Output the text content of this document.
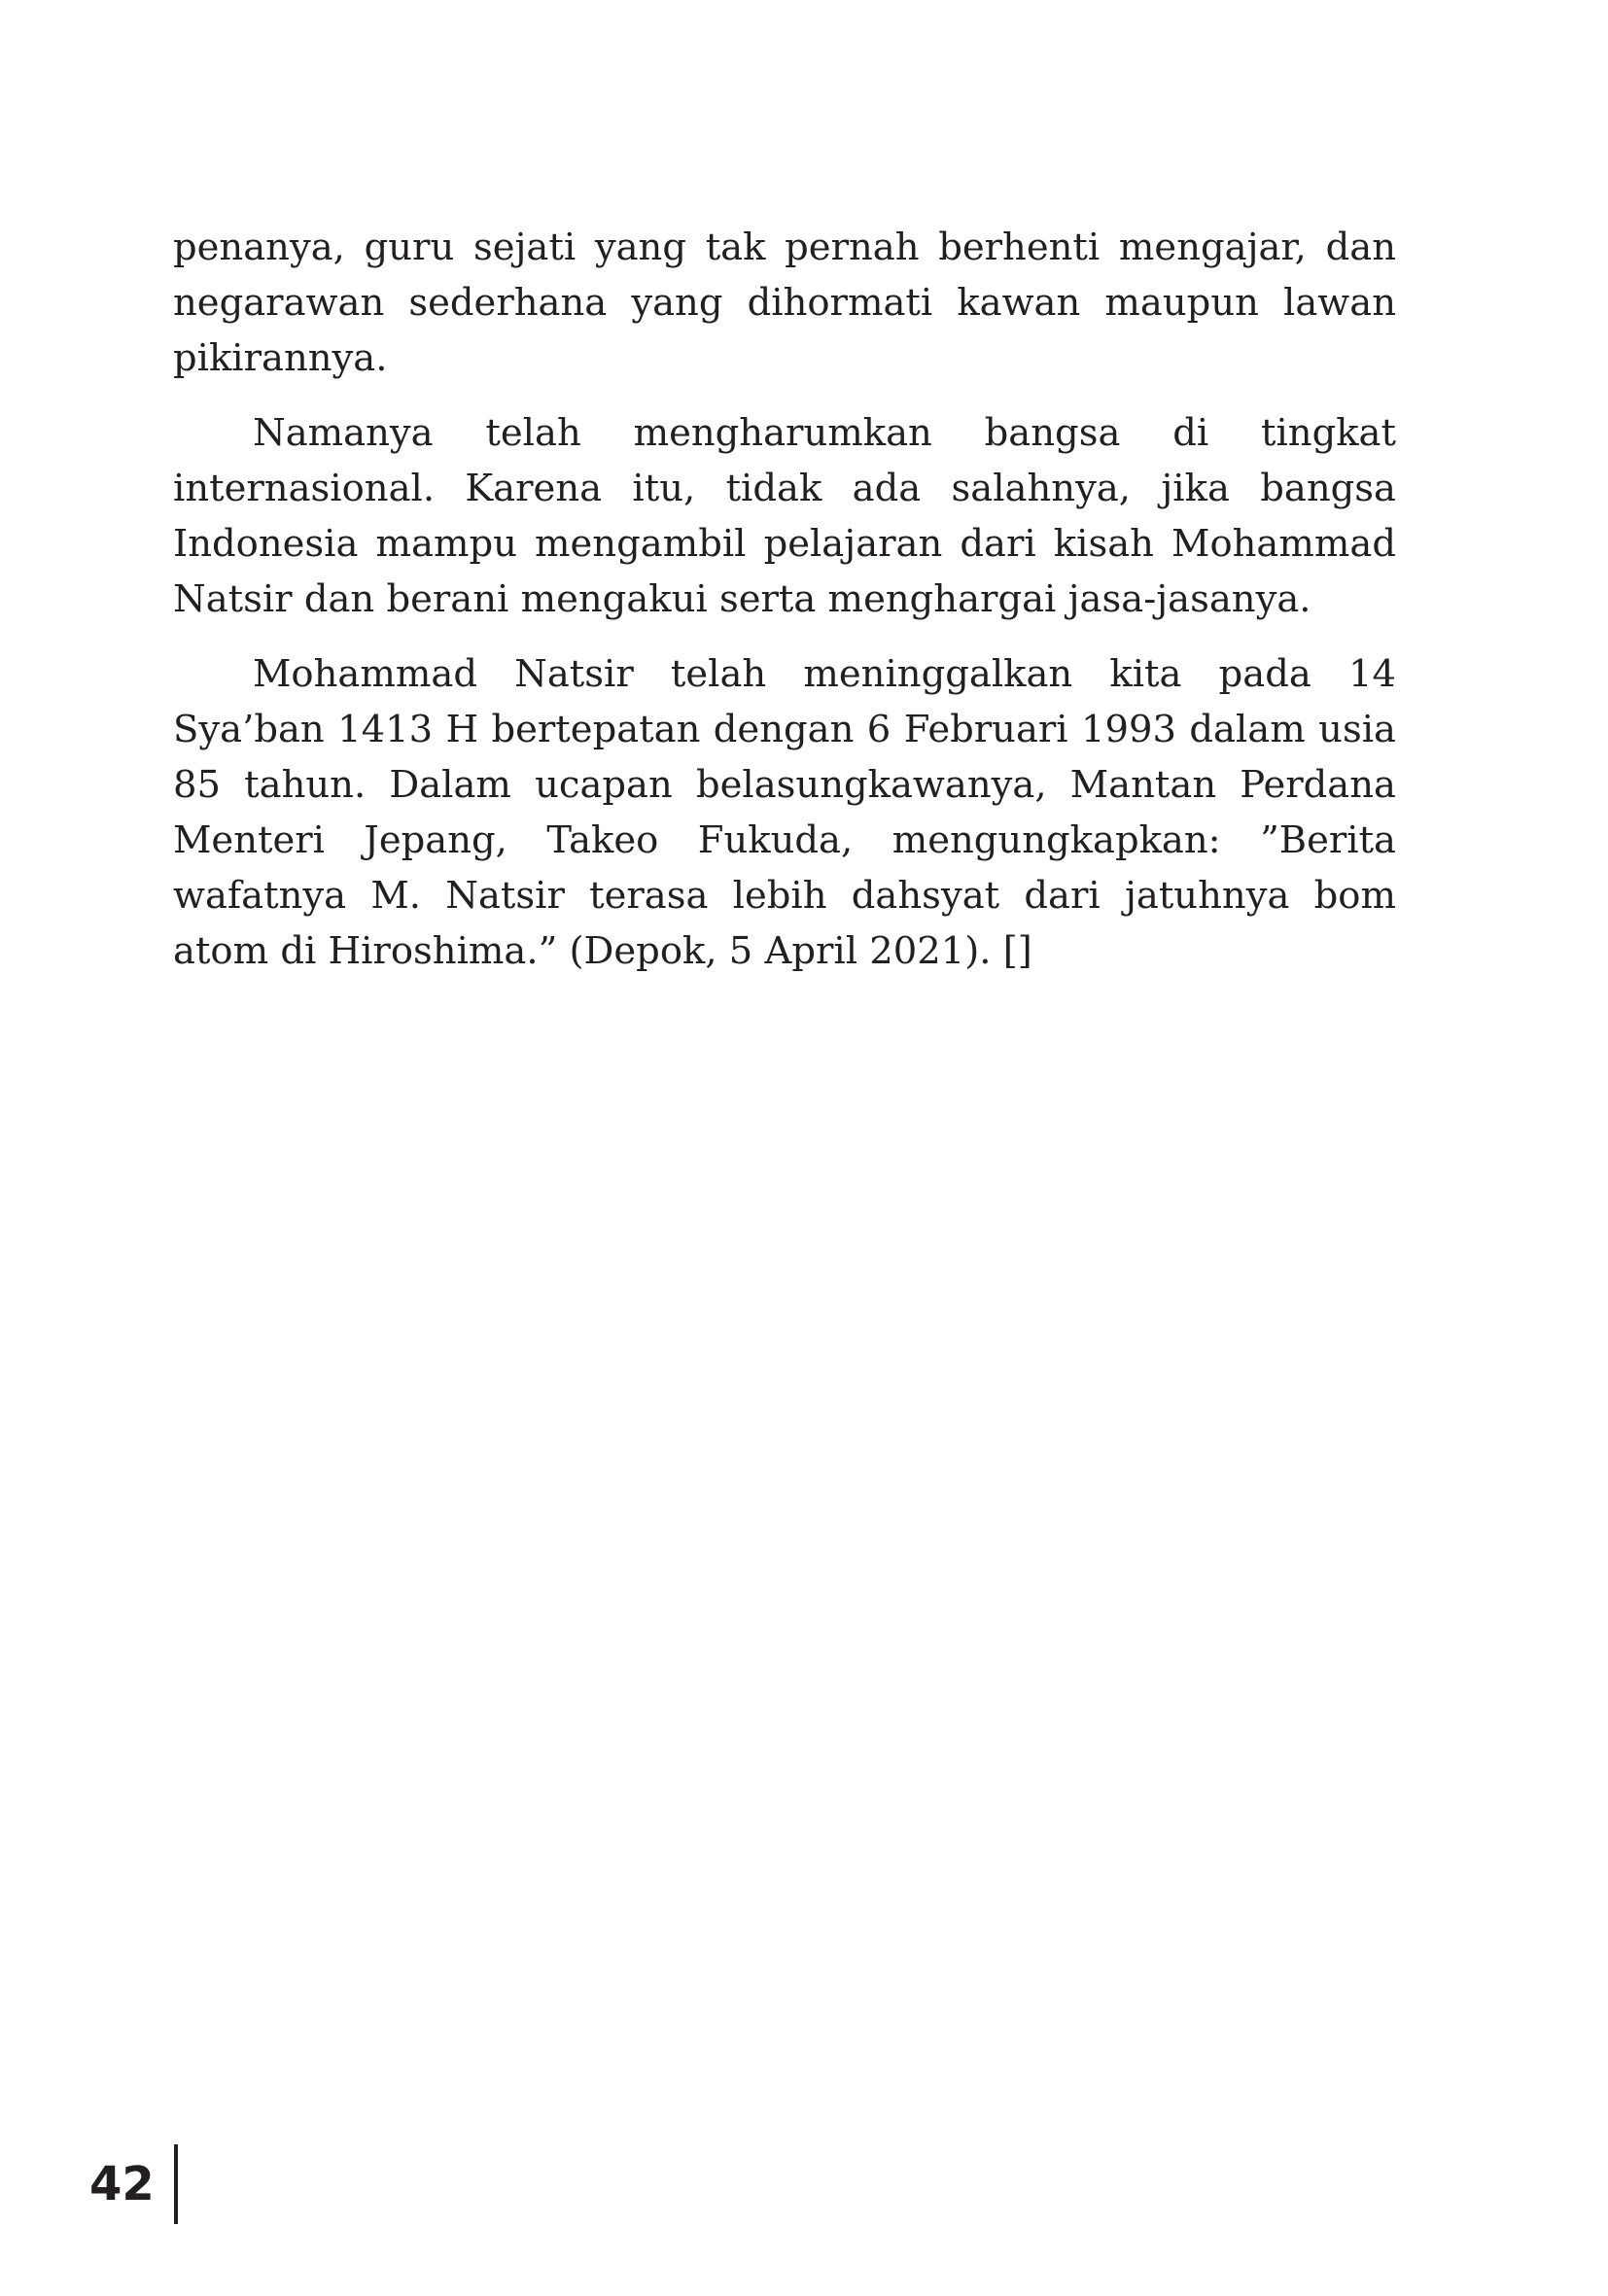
penanya, guru sejati yang tak pernah berhenti mengajar, dan negarawan sederhana yang dihormati kawan maupun lawan pikirannya.

Namanya telah mengharumkan bangsa di tingkat internasional. Karena itu, tidak ada salahnya, jika bangsa Indonesia mampu mengambil pelajaran dari kisah Mohammad Natsir dan berani mengakui serta menghargai jasa-jasanya.

Mohammad Natsir telah meninggalkan kita pada 14 Sya’ban 1413 H bertepatan dengan 6 Februari 1993 dalam usia 85 tahun. Dalam ucapan belasungkawanya, Mantan Perdana Menteri Jepang, Takeo Fukuda, mengungkapkan: ”Berita wafatnya M. Natsir terasa lebih dahsyat dari jatuhnya bom atom di Hiroshima.” (Depok, 5 April 2021). []

42
